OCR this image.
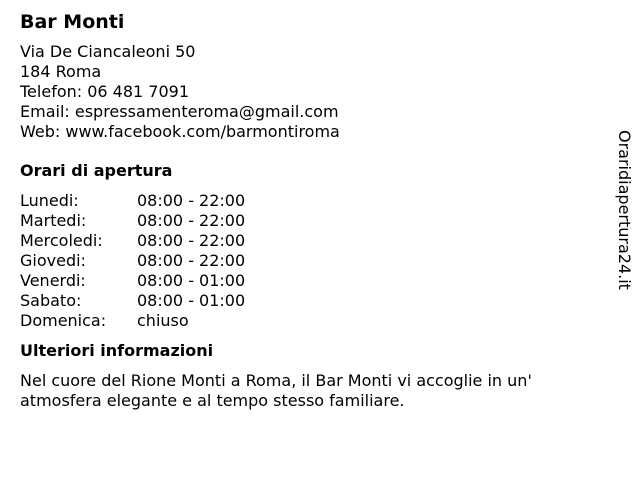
Bar Monti
Via De Ciancaleoni 50
184 Roma
Telefon: 06 481 7091
Email: espressamenteroma@gmail.com
Web: www.facebook.com/barmontiroma
Orari di apertura
Lunedi:	08:00 - 22:00
Martedi:	08:00 - 22:00
Mercoledi:	08:00 - 22:00
Giovedi:	08:00 - 22:00
Venerdi:	08:00 - 01:00
Sabato:	08:00 - 01:00
Domenica:	chiuso
Ulteriori informazioni

Nel cuore del Rione Monti a Roma, il Bar Monti vi accoglie in un' atmosfera elegante e al tempo stesso familiare.

Oraridiapertura24.it
